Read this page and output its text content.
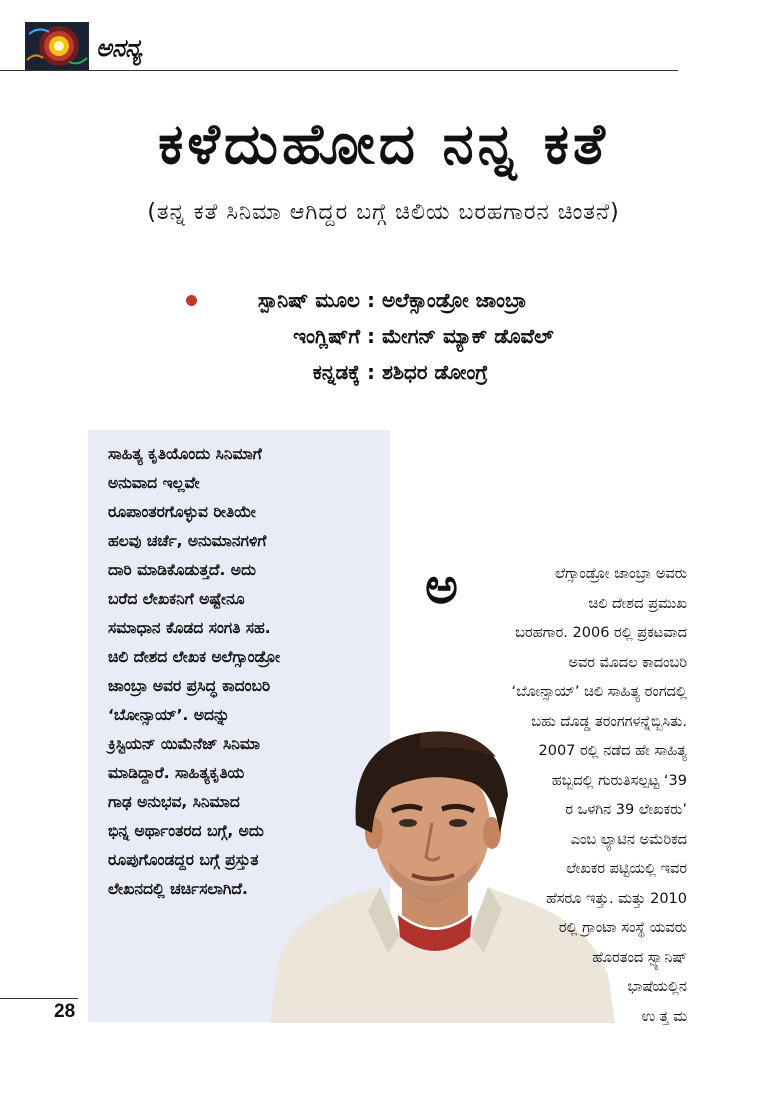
ಅನನ್ಯ
ಕಳೆದುಹೋದ ನನ್ನ ಕತೆ
(ತನ್ನ ಕತೆ ಸಿನಿಮಾ ಆಗಿದ್ದರ ಬಗ್ಗೆ ಚಿಲಿಯ ಬರಹಗಾರನ ಚಿಂತನೆ)
ಸ್ಪಾನಿಷ್ ಮೂಲ : ಅಲೆಕ್ಸಾಂಡ್ರೋ ಜಾಂಬ್ರಾ
ಇಂಗ್ಲಿಷ್‌ಗೆ : ಮೇಗನ್ ಮ್ಯಾಕ್ ಡೊವೆಲ್
ಕನ್ನಡಕ್ಕೆ : ಶಶಿಧರ ಡೋಂಗ್ರೆ
ಸಾಹಿತ್ಯ ಕೃತಿಯೊಂದು ಸಿನಿಮಾಗೆ
ಅನುವಾದ ಇಲ್ಲವೇ
ರೂಪಾಂತರಗೊಳ್ಳುವ ರೀತಿಯೇ
ಹಲವು ಚರ್ಚೆ, ಅನುಮಾನಗಳಿಗೆ
ದಾರಿ ಮಾಡಿಕೊಡುತ್ತದೆ. ಅದು
ಬರೆದ ಲೇಖಕನಿಗೆ ಅಷ್ಟೇನೂ
ಸಮಾಧಾನ ಕೊಡದ ಸಂಗತಿ ಸಹ.
ಚಿಲಿ ದೇಶದ ಲೇಖಕ ಅಲೆಗ್ಸಾಂಡ್ರೋ
ಜಾಂಬ್ರಾ ಅವರ ಪ್ರಸಿದ್ಧ ಕಾದಂಬರಿ
‘ಬೋನ್ಸಾಯ್’. ಅದನ್ನು
ಕ್ರಿಸ್ಟಿಯನ್ ಯಿಮೆನೆಜ್ ಸಿನಿಮಾ
ಮಾಡಿದ್ದಾರೆ. ಸಾಹಿತ್ಯಕೃತಿಯ
ಗಾಢ ಅನುಭವ, ಸಿನಿಮಾದ
ಭಿನ್ನ ಅರ್ಥಾಂತರದ ಬಗ್ಗೆ, ಅದು
ರೂಪುಗೊಂಡದ್ದರ ಬಗ್ಗೆ ಪ್ರಸ್ತುತ
ಲೇಖನದಲ್ಲಿ ಚರ್ಚಿಸಲಾಗಿದೆ.
ಅ	ಲೆಗ್ಸಾಂಡ್ರೋ ಜಾಂಬ್ರಾ ಅವರು
ಚಿಲಿ ದೇಶದ ಪ್ರಮುಖ
ಬರಹಗಾರ. 2006 ರಲ್ಲಿ ಪ್ರಕಟವಾದ
ಅವರ ಮೊದಲ ಕಾದಂಬರಿ
‘ಬೋನ್ಸಾಯ್’ ಚಿಲಿ ಸಾಹಿತ್ಯ ರಂಗದಲ್ಲಿ
ಬಹು ದೊಡ್ಡ ತರಂಗಗಳನ್ನೆಬ್ಬಿಸಿತು.
2007 ರಲ್ಲಿ ನಡೆದ ಹೇ ಸಾಹಿತ್ಯ
ಹಬ್ಬದಲ್ಲಿ ಗುರುತಿಸಲ್ಪಟ್ಟ ‘39
ರ ಒಳಗಿನ 39 ಲೇಖಕರು’
ಎಂಬ ಲ್ಯಾಟಿನ ಅಮೆರಿಕದ
ಲೇಖಕರ ಪಟ್ಟಿಯಲ್ಲಿ ಇವರ
ಹೆಸರೂ ಇತ್ತು. ಮತ್ತು 2010
ರಲ್ಲಿ ಗ್ರಾಂಟಾ ಸಂಸ್ಥೆ ಯವರು
ಹೊರತಂದ ಸ್ಪ್ಯಾನಿಷ್
ಭಾಷೆಯಲ್ಲಿನ
ಉ ತ್ತ ಮ
28
